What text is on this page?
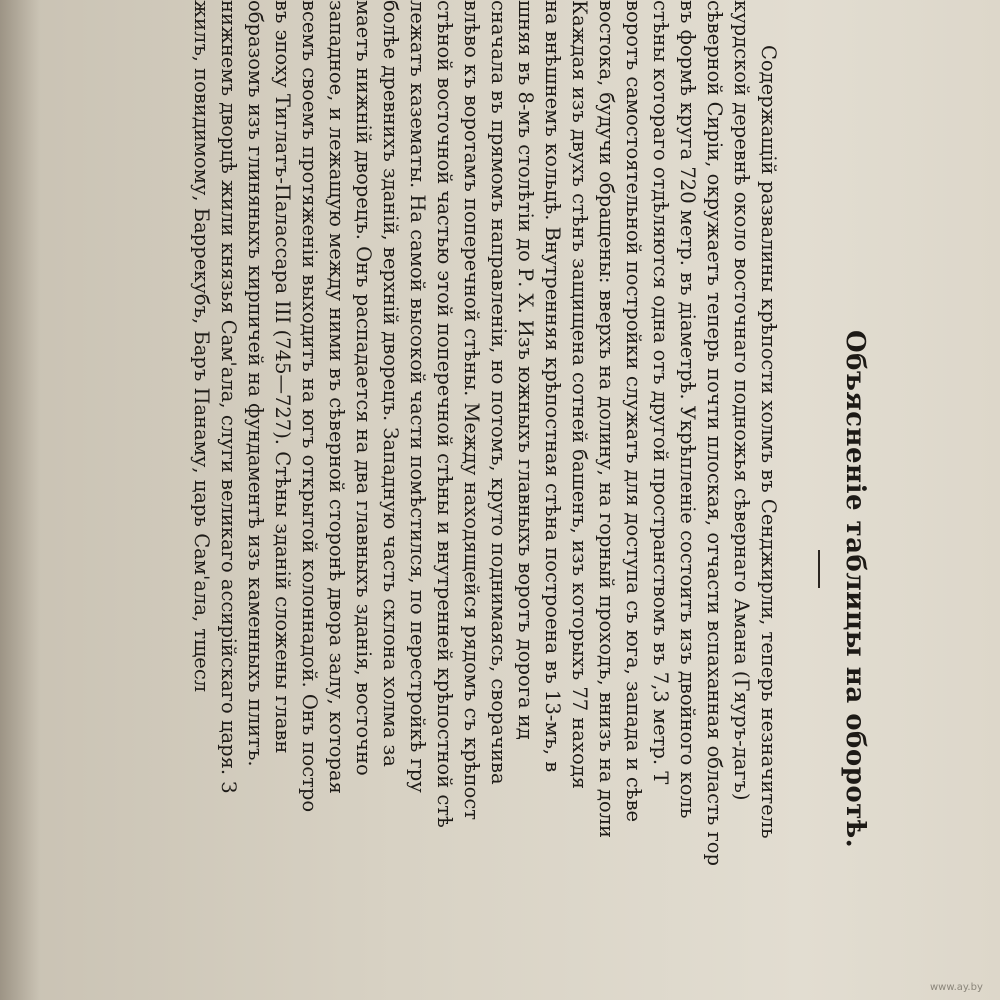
Объясненіе таблицы на оборотѣ.
Содержащій развалины крѣпости холмъ въ Сенджирли, теперь незначитель
курдской деревнѣ около восточнаго подножья сѣвернаго Амана (Гяуръ-дагъ)
сѣверной Сиріи, окружаетъ теперь почти плоская, отчасти вспаханная область гор
въ формѣ круга 720 метр. въ діаметрѣ. Укрѣпленіе состоитъ изъ двойного коль
стѣны котораго отдѣляются одна отъ другой пространствомъ въ 7,3 метр. Т
воротъ самостоятельной постройки служатъ для доступа съ юга, запада и сѣве
востока, будучи обращены: вверхъ на долину, на горный проходъ, внизъ на доли
Каждая изъ двухъ стѣнъ защищена сотней башенъ, изъ которыхъ 77 находя
на внѣшнемъ кольцѣ. Внутренняя крѣпостная стѣна построена въ 13-мъ, в
шняя въ 8-мъ столѣтіи до Р. Х. Изъ южныхъ главныхъ воротъ дорога ид
сначала въ прямомъ направленіи, но потомъ, круто поднимаясь, сворачива
влѣво къ воротамъ поперечной стѣны. Между находящейся рядомъ съ крѣпост
стѣной восточной частью этой поперечной стѣны и внутренней крѣпостной стѣ
лежатъ казематы. На самой высокой части помѣстился, по перестройкѣ гру
болѣе древнихъ зданій, верхній дворецъ. Западную часть склона холма за
маетъ нижній дворецъ. Онъ распадается на два главныхъ зданія, восточно
западное, и лежащую между ними въ сѣверной сторонѣ двора залу, которая
всемъ своемъ протяженіи выходитъ на югъ открытой колоннадой. Онъ постро
въ эпоху Тиглатъ-Палассара III (745—727). Стѣны зданій сложены главн
образомъ изъ глиняныхъ кирпичей на фундаментѣ изъ каменныхъ плитъ.
нижнемъ дворцѣ жили князья Сам'ала, слуги великаго ассирійскаго царя. З
жилъ, повидимому, Баррекубъ, Баръ Панаму, царь Сам'ала, тщесл
www.ay.by
